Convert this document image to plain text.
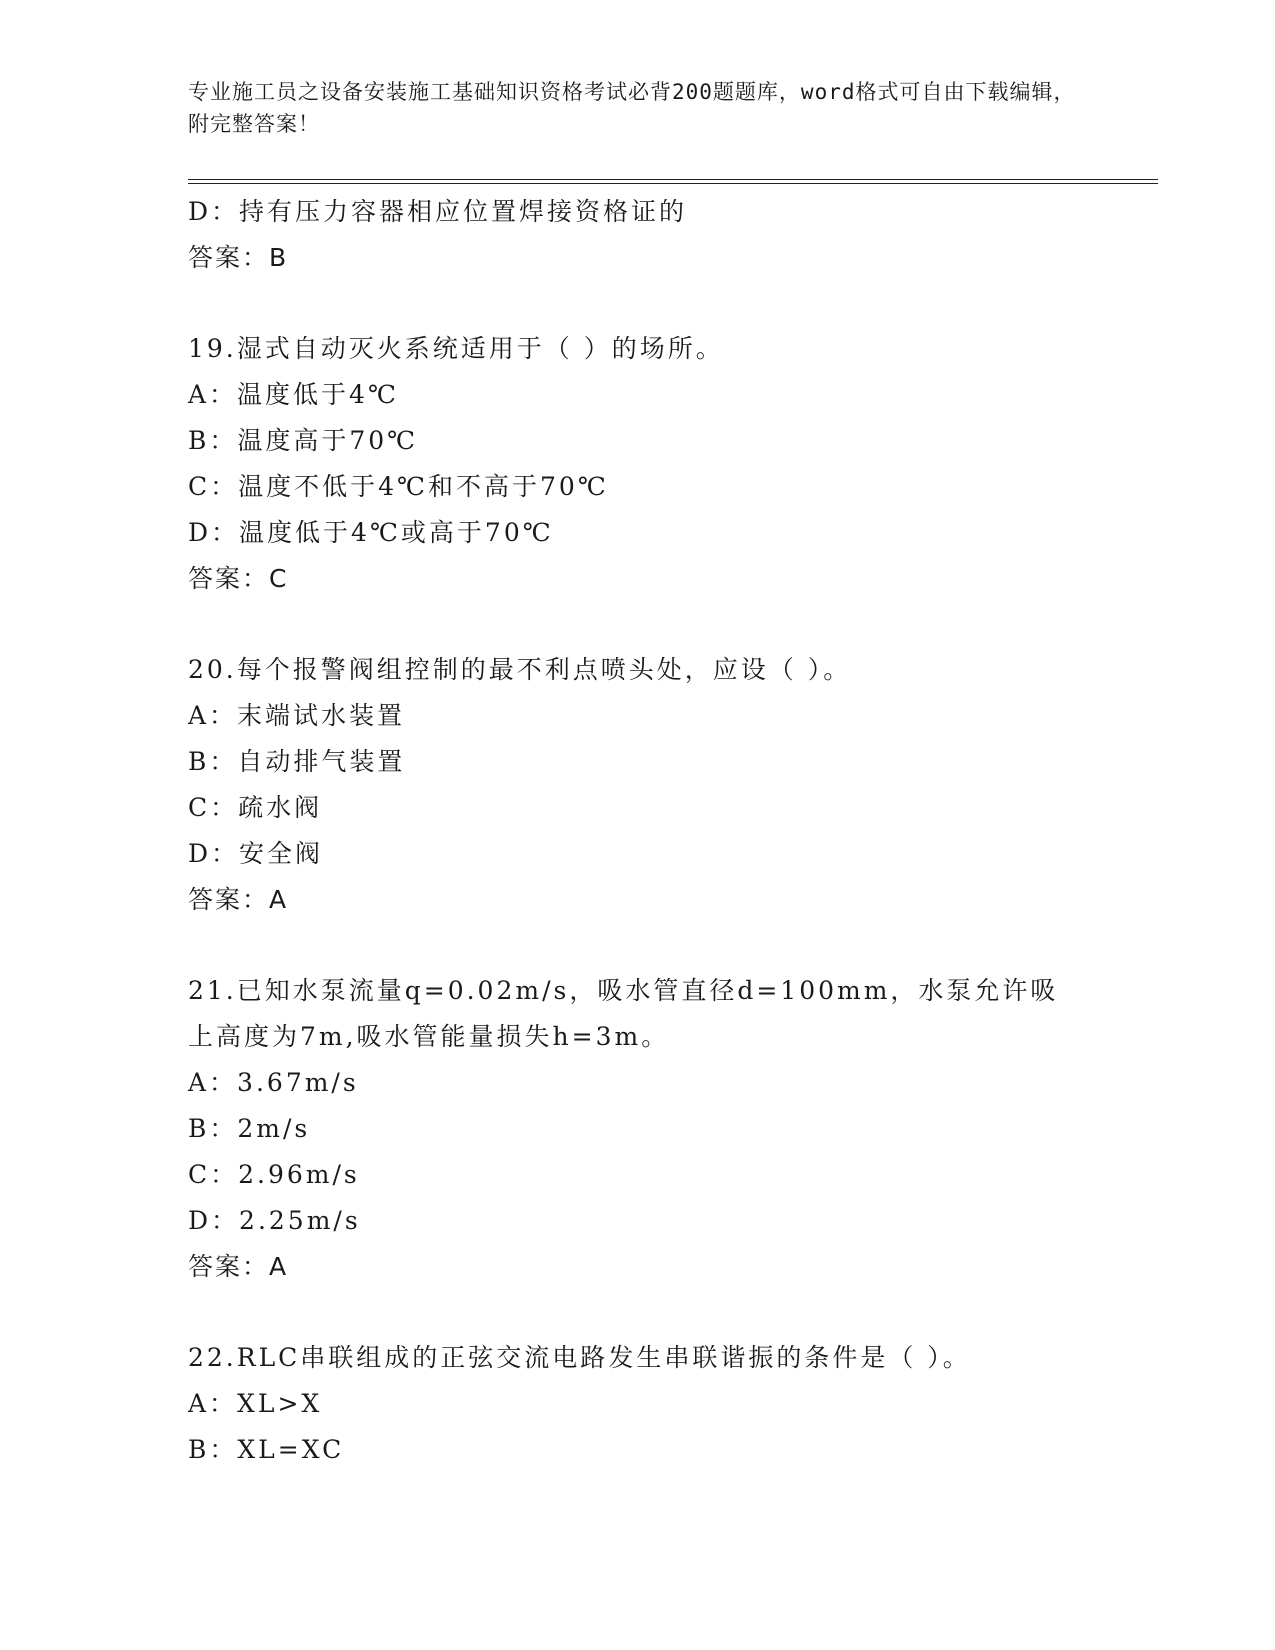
专业施工员之设备安装施工基础知识资格考试必背200题题库，word格式可自由下载编辑，附完整答案！
D：持有压力容器相应位置焊接资格证的
答案：B
19.湿式自动灭火系统适用于（ ）的场所。
A：温度低于4℃
B：温度高于70℃
C：温度不低于4℃和不高于70℃
D：温度低于4℃或高于70℃
答案：C
20.每个报警阀组控制的最不利点喷头处，应设（ ）。
A：末端试水装置
B：自动排气装置
C：疏水阀
D：安全阀
答案：A
21.已知水泵流量q=0.02m/s，吸水管直径d=100mm，水泵允许吸上高度为7m,吸水管能量损失h=3m。
A：3.67m/s
B：2m/s
C：2.96m/s
D：2.25m/s
答案：A
22.RLC串联组成的正弦交流电路发生串联谐振的条件是（ ）。
A：XL>X
B：XL=XC
